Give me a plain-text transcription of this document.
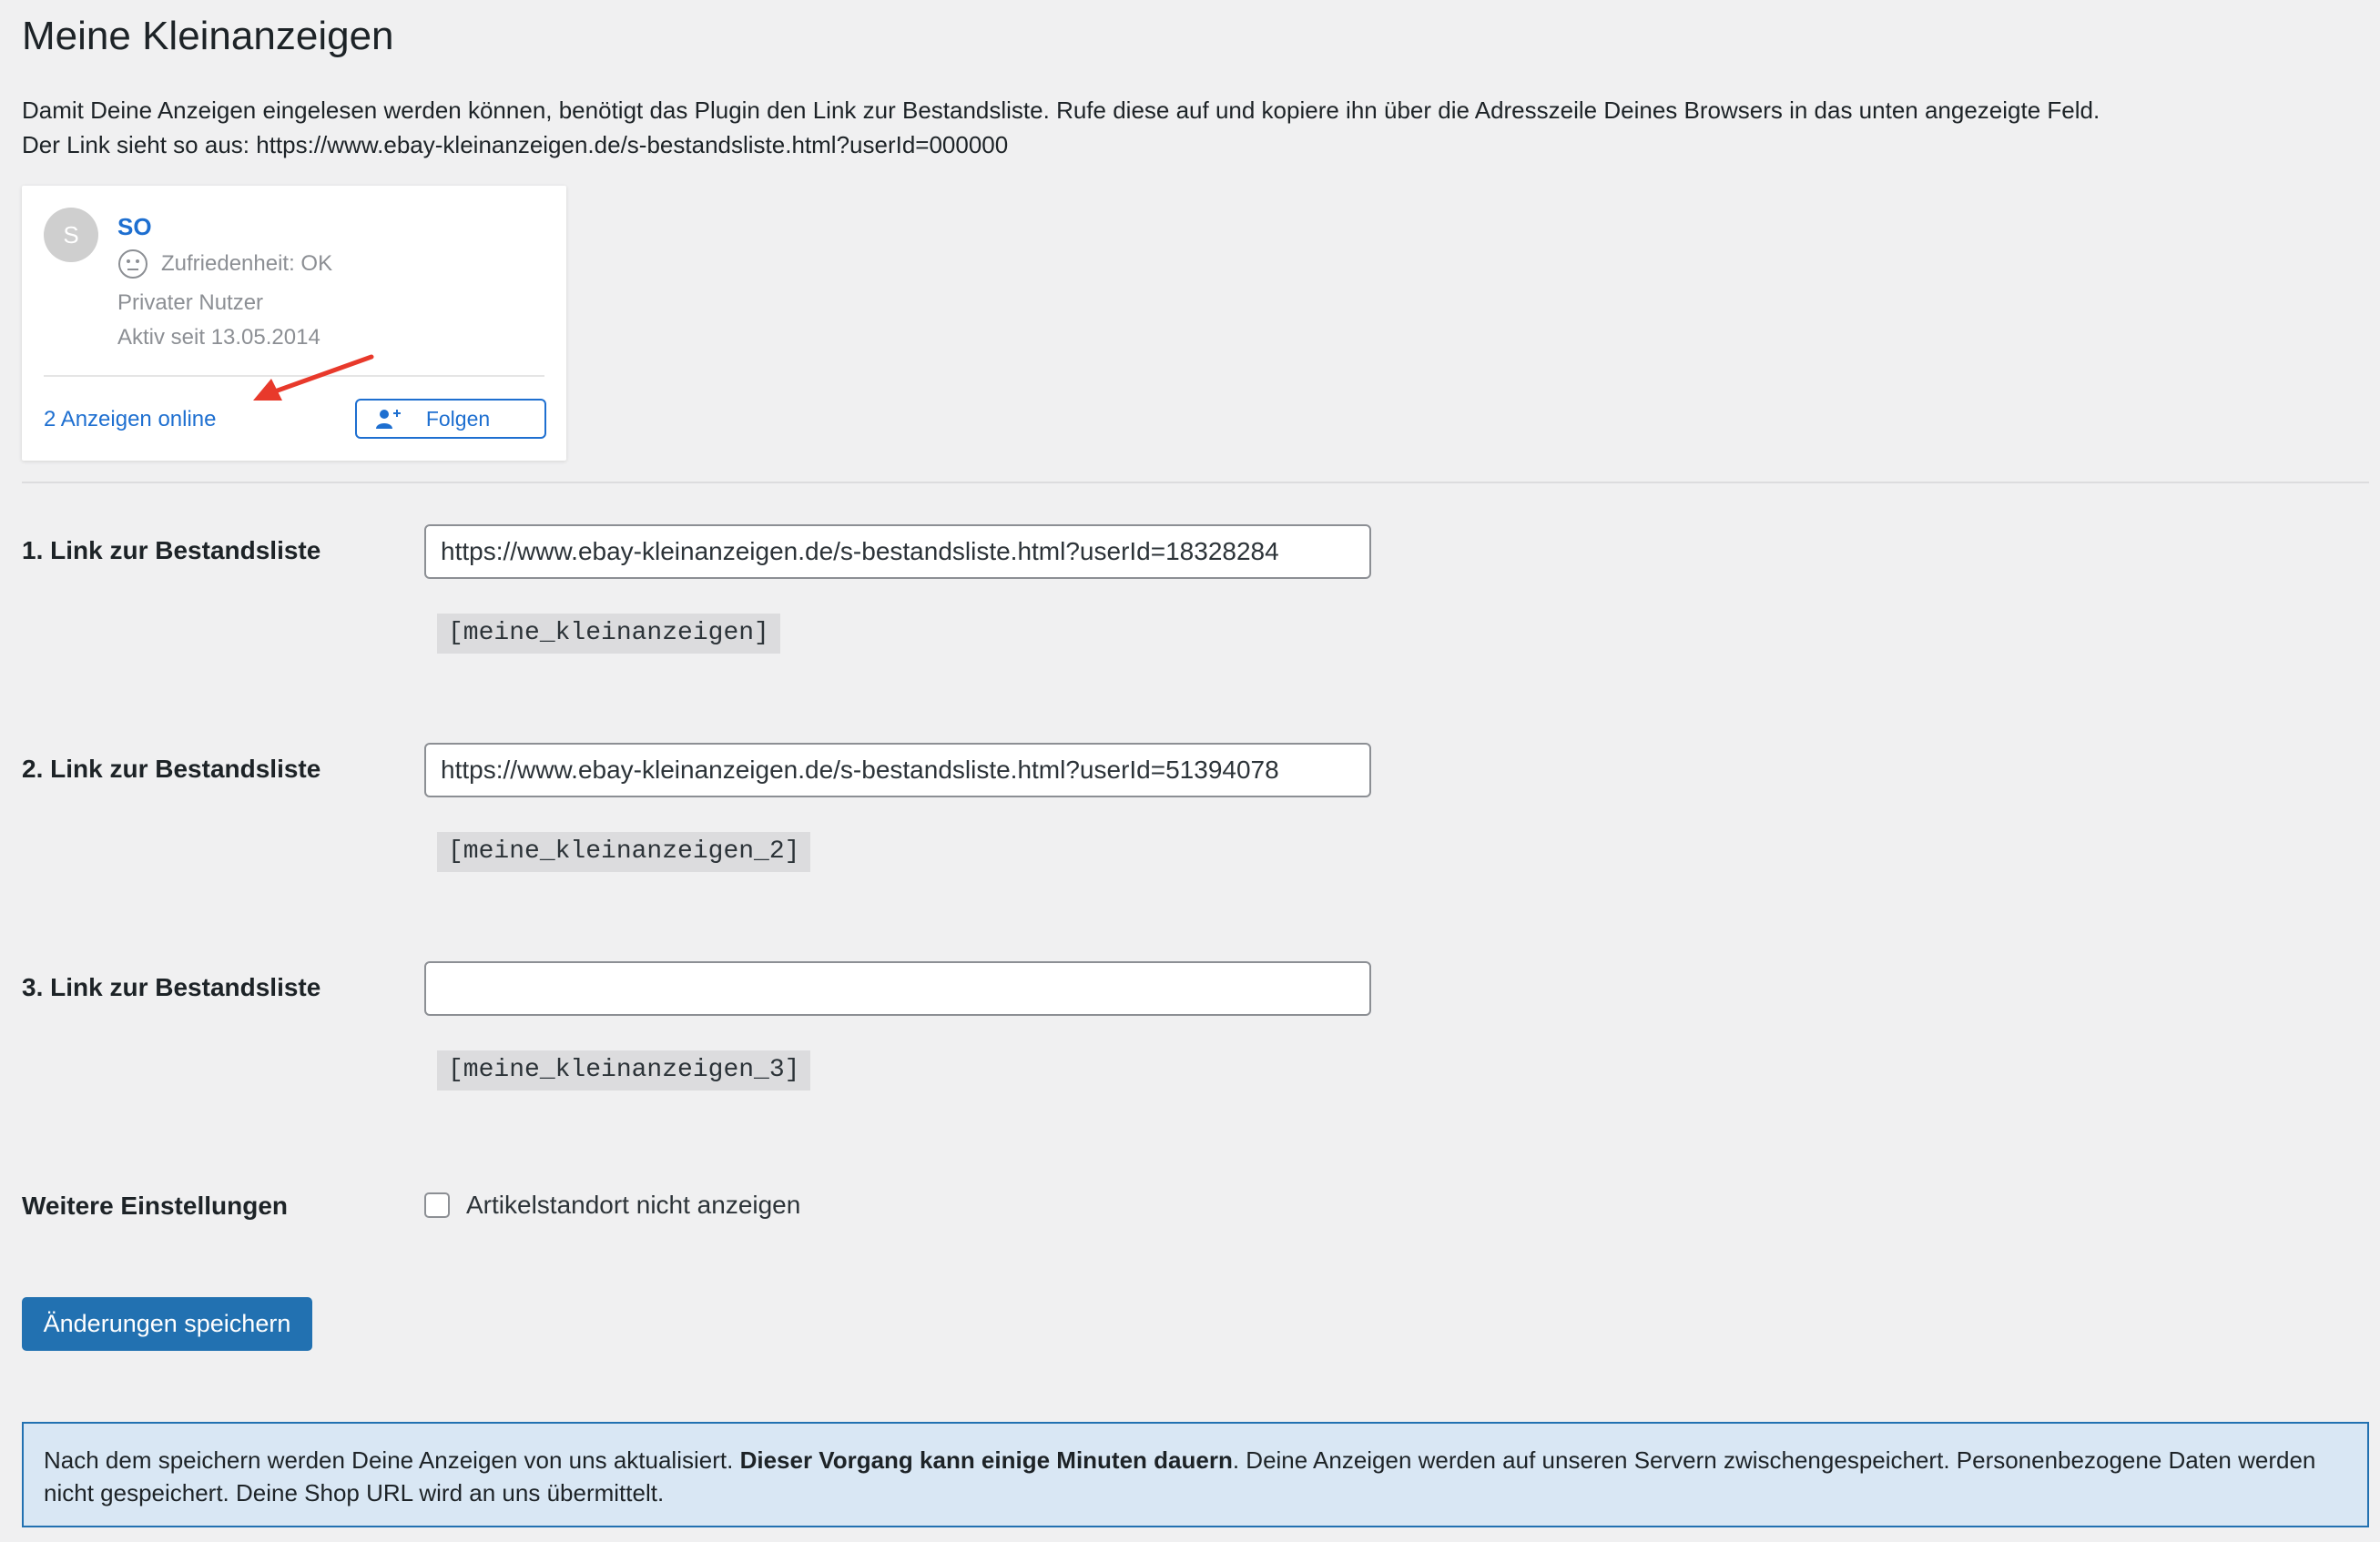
Meine Kleinanzeigen

Damit Deine Anzeigen eingelesen werden können, benötigt das Plugin den Link zur Bestandsliste. Rufe diese auf und kopiere ihn über die Adresszeile Deines Browsers in das unten angezeigte Feld.

Der Link sieht so aus: https://www.ebay-kleinanzeigen.de/s-bestandsliste.html?userId=000000

S	SO
Zufriedenheit: OK
Privater Nutzer
Aktiv seit 13.05.2014
2 Anzeigen online	Folgen
1. Link zur Bestandsliste
https://www.ebay-kleinanzeigen.de/s-bestandsliste.html?userId=18328284
[meine_kleinanzeigen]
2. Link zur Bestandsliste
https://www.ebay-kleinanzeigen.de/s-bestandsliste.html?userId=51394078
[meine_kleinanzeigen_2]
3. Link zur Bestandsliste
[meine_kleinanzeigen_3]
Weitere Einstellungen	Artikelstandort nicht anzeigen
Änderungen speichern
Nach dem speichern werden Deine Anzeigen von uns aktualisiert. Dieser Vorgang kann einige Minuten dauern. Deine Anzeigen werden auf unseren Servern zwischengespeichert. Personenbezogene Daten werden nicht gespeichert. Deine Shop URL wird an uns übermittelt.
